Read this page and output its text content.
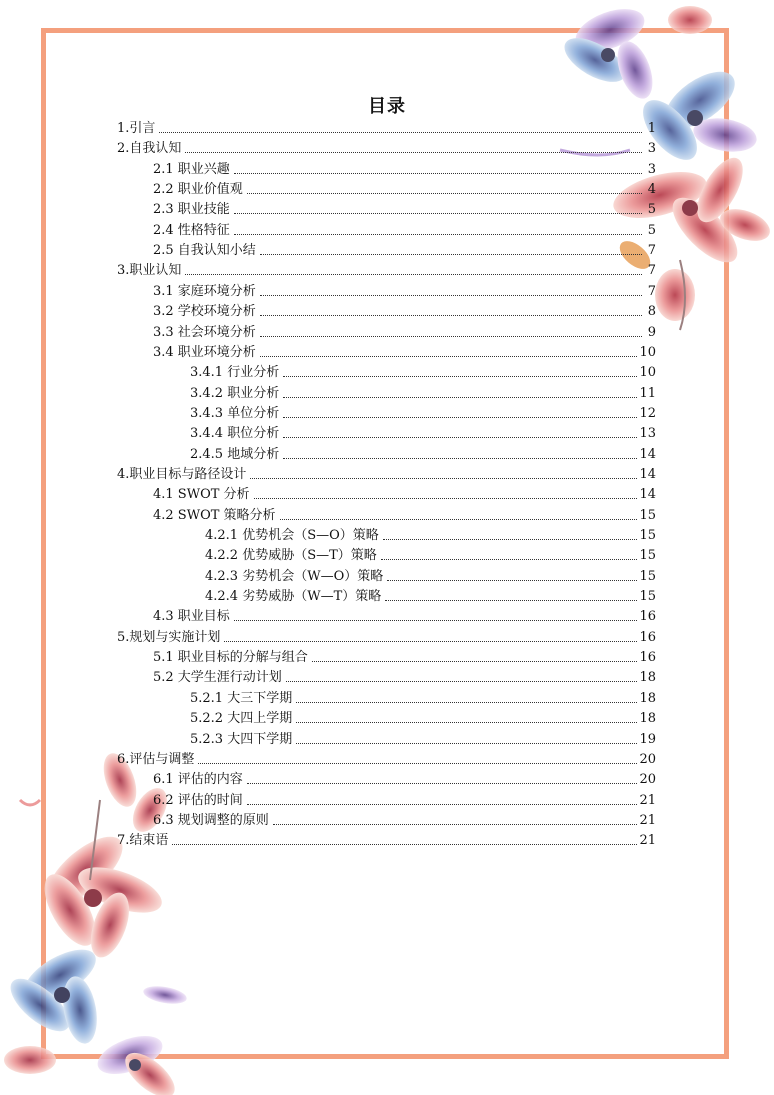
目录
1.引言	1
2.自我认知	3
2.1 职业兴趣	3
2.2 职业价值观	4
2.3 职业技能	5
2.4 性格特征	5
2.5 自我认知小结	7
3.职业认知	7
3.1 家庭环境分析	7
3.2 学校环境分析	8
3.3 社会环境分析	9
3.4 职业环境分析	10
3.4.1 行业分析	10
3.4.2 职业分析	11
3.4.3 单位分析	12
3.4.4 职位分析	13
2.4.5 地域分析	14
4.职业目标与路径设计	14
4.1 SWOT 分析	14
4.2 SWOT 策略分析	15
4.2.1 优势机会（S—O）策略	15
4.2.2 优势威胁（S—T）策略	15
4.2.3 劣势机会（W—O）策略	15
4.2.4 劣势威胁（W—T）策略	15
4.3 职业目标	16
5.规划与实施计划	16
5.1 职业目标的分解与组合	16
5.2 大学生涯行动计划	18
5.2.1 大三下学期	18
5.2.2 大四上学期	18
5.2.3 大四下学期	19
6.评估与调整	20
6.1 评估的内容	20
6.2 评估的时间	21
6.3 规划调整的原则	21
7.结束语	21
